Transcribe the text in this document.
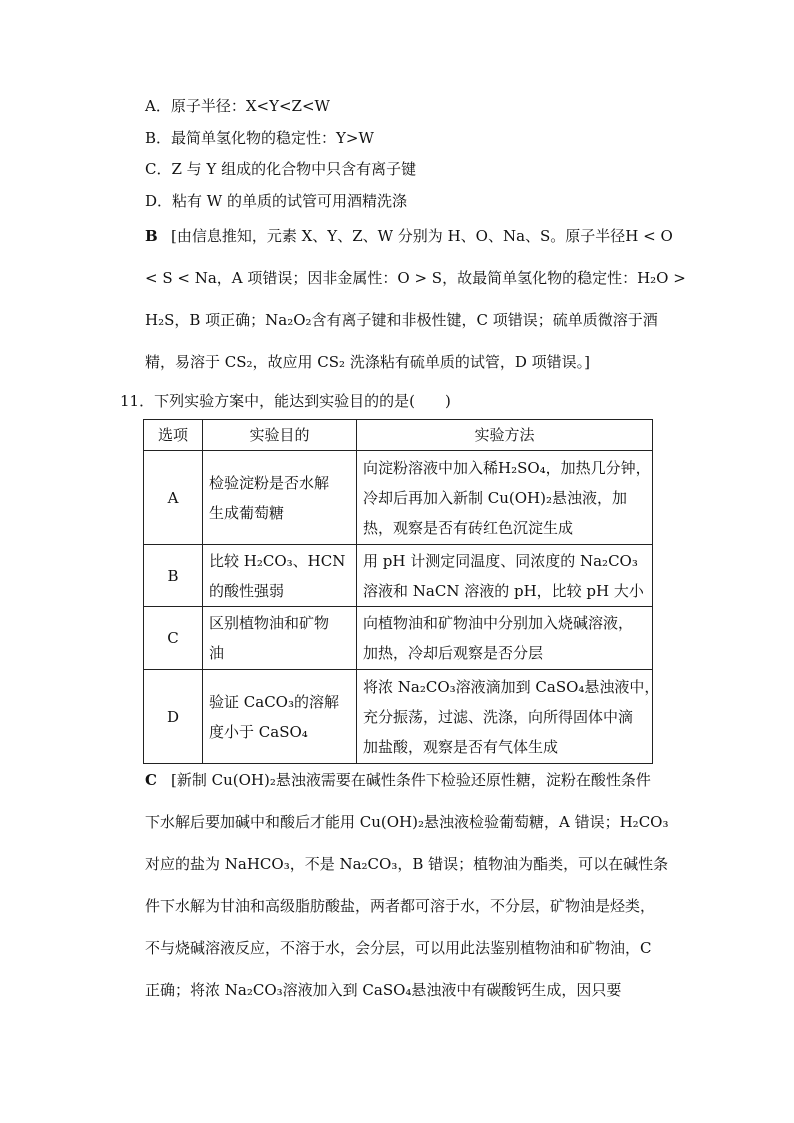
A．原子半径：X<Y<Z<W
B．最简单氢化物的稳定性：Y>W
C．Z 与 Y 组成的化合物中只含有离子键
D．粘有 W 的单质的试管可用酒精洗涤
B [由信息推知，元素 X、Y、Z、W 分别为 H、O、Na、S。原子半径H < O
< S < Na，A 项错误；因非金属性：O > S，故最简单氢化物的稳定性：H₂O >
H₂S，B 项正确；Na₂O₂含有离子键和非极性键，C 项错误；硫单质微溶于酒
精，易溶于 CS₂，故应用 CS₂ 洗涤粘有硫单质的试管，D 项错误。]
11．下列实验方案中，能达到实验目的的是(　　)
选项	实验目的	实验方法
A	检验淀粉是否水解
生成葡萄糖	向淀粉溶液中加入稀H₂SO₄，加热几分钟，
冷却后再加入新制 Cu(OH)₂悬浊液，加
热，观察是否有砖红色沉淀生成

B	比较 H₂CO₃、HCN
的酸性强弱	用 pH 计测定同温度、同浓度的 Na₂CO₃
溶液和 NaCN 溶液的 pH，比较 pH 大小

C	区别植物油和矿物
油	向植物油和矿物油中分别加入烧碱溶液，
加热，冷却后观察是否分层

D	验证 CaCO₃的溶解
度小于 CaSO₄	将浓 Na₂CO₃溶液滴加到 CaSO₄悬浊液中，
充分振荡，过滤、洗涤，向所得固体中滴
加盐酸，观察是否有气体生成
C [新制 Cu(OH)₂悬浊液需要在碱性条件下检验还原性糖，淀粉在酸性条件
下水解后要加碱中和酸后才能用 Cu(OH)₂悬浊液检验葡萄糖，A 错误；H₂CO₃
对应的盐为 NaHCO₃，不是 Na₂CO₃，B 错误；植物油为酯类，可以在碱性条
件下水解为甘油和高级脂肪酸盐，两者都可溶于水，不分层，矿物油是烃类，
不与烧碱溶液反应，不溶于水，会分层，可以用此法鉴别植物油和矿物油，C
正确；将浓 Na₂CO₃溶液加入到 CaSO₄悬浊液中有碳酸钙生成，因只要
